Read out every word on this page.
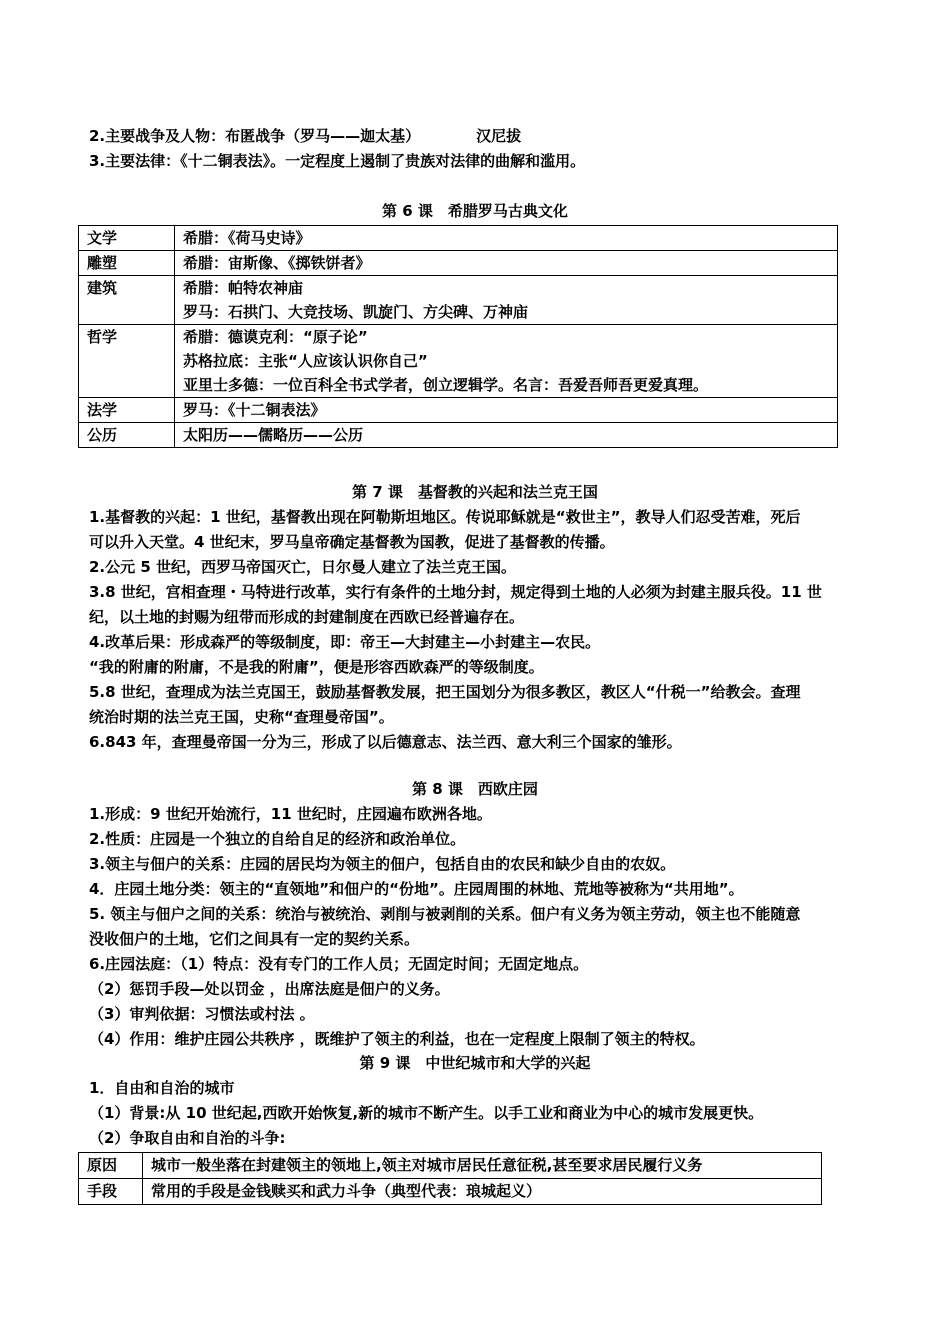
2.主要战争及人物：布匿战争（罗马——迦太基）	汉尼拔
3.主要法律：《十二铜表法》。一定程度上遏制了贵族对法律的曲解和滥用。
第 6 课　希腊罗马古典文化
文学	希腊：《荷马史诗》

雕塑	希腊：宙斯像、《掷铁饼者》

建筑	希腊：帕特农神庙
罗马：石拱门、大竞技场、凯旋门、方尖碑、万神庙

哲学	希腊：德谟克利：“原子论”
苏格拉底：主张“人应该认识你自己”
亚里士多德：一位百科全书式学者，创立逻辑学。名言：吾爱吾师吾更爱真理。

法学	罗马：《十二铜表法》

公历	太阳历——儒略历——公历
第 7 课　基督教的兴起和法兰克王国
1.基督教的兴起：1 世纪，基督教出现在阿勒斯坦地区。传说耶稣就是“救世主”，教导人们忍受苦难，死后
可以升入天堂。4 世纪末，罗马皇帝确定基督教为国教，促进了基督教的传播。
2.公元 5 世纪，西罗马帝国灭亡，日尔曼人建立了法兰克王国。
3.8 世纪，宫相查理・马特进行改革，实行有条件的土地分封，规定得到土地的人必须为封建主服兵役。11 世
纪，以土地的封赐为纽带而形成的封建制度在西欧已经普遍存在。
4.改革后果：形成森严的等级制度，即：帝王—大封建主—小封建主—农民。
“我的附庸的附庸，不是我的附庸”，便是形容西欧森严的等级制度。
5.8 世纪，查理成为法兰克国王，鼓励基督教发展，把王国划分为很多教区，教区人“什税一”给教会。查理
统治时期的法兰克王国，史称“查理曼帝国”。
6.843 年，查理曼帝国一分为三，形成了以后德意志、法兰西、意大利三个国家的雏形。
第 8 课　西欧庄园
1.形成：9 世纪开始流行，11 世纪时，庄园遍布欧洲各地。
2.性质：庄园是一个独立的自给自足的经济和政治单位。
3.领主与佃户的关系：庄园的居民均为领主的佃户，包括自由的农民和缺少自由的农奴。
4．庄园土地分类：领主的“直领地”和佃户的“份地”。庄园周围的林地、荒地等被称为“共用地”。
5. 领主与佃户之间的关系：统治与被统治、剥削与被剥削的关系。佃户有义务为领主劳动，领主也不能随意
没收佃户的土地，它们之间具有一定的契约关系。
6.庄园法庭：（1）特点：没有专门的工作人员；无固定时间；无固定地点。
（2）惩罚手段—处以罚金 ，出席法庭是佃户的义务。
（3）审判依据：习惯法或村法 。
（4）作用：维护庄园公共秩序 ，既维护了领主的利益，也在一定程度上限制了领主的特权。
第 9 课　中世纪城市和大学的兴起
1．自由和自治的城市
（1）背景:从 10 世纪起,西欧开始恢复,新的城市不断产生。以手工业和商业为中心的城市发展更快。
（2）争取自由和自治的斗争:
原因	城市一般坐落在封建领主的领地上,领主对城市居民任意征税,甚至要求居民履行义务
手段	常用的手段是金钱赎买和武力斗争（典型代表：琅城起义）
